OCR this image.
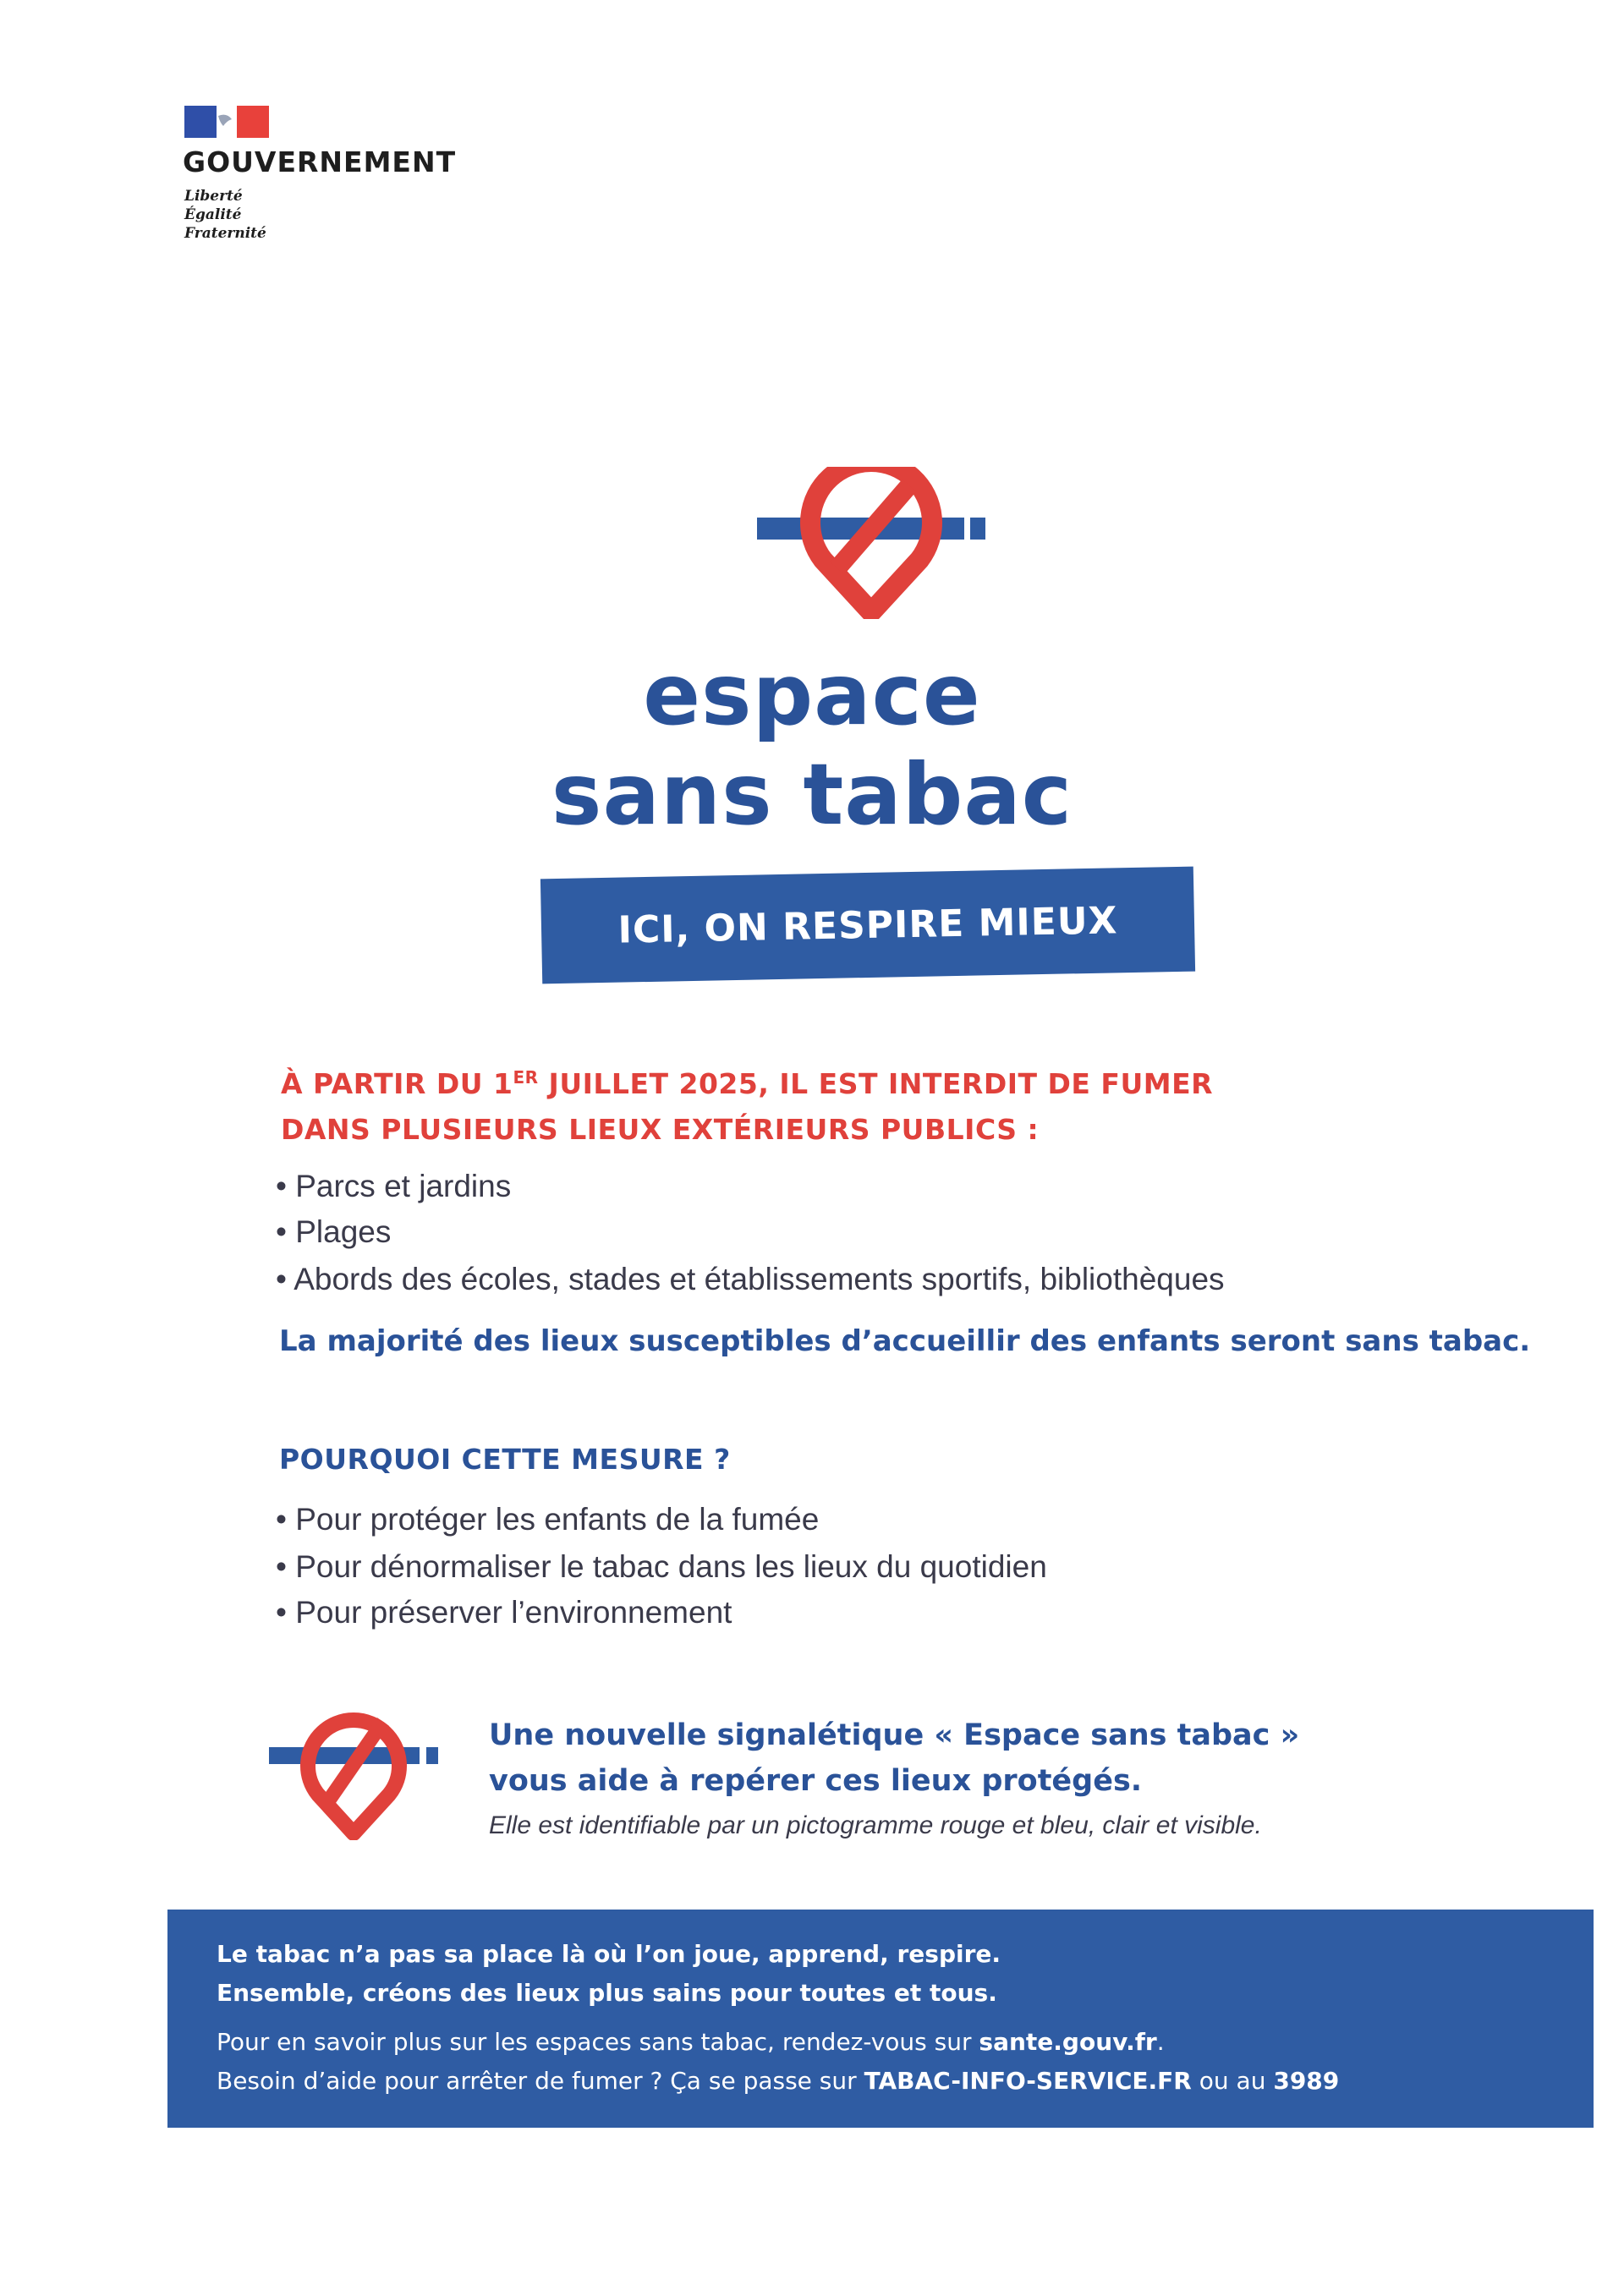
GOUVERNEMENT
Liberté
Égalité
Fraternité
espace
sans tabac
ICI, ON RESPIRE MIEUX
À PARTIR DU 1ER JUILLET 2025, IL EST INTERDIT DE FUMER
DANS PLUSIEURS LIEUX EXTÉRIEURS PUBLICS :
• Parcs et jardins
• Plages
• Abords des écoles, stades et établissements sportifs, bibliothèques
La majorité des lieux susceptibles d’accueillir des enfants seront sans tabac.
POURQUOI CETTE MESURE ?
• Pour protéger les enfants de la fumée
• Pour dénormaliser le tabac dans les lieux du quotidien
• Pour préserver l’environnement
Une nouvelle signalétique « Espace sans tabac »
vous aide à repérer ces lieux protégés.
Elle est identifiable par un pictogramme rouge et bleu, clair et visible.
Le tabac n’a pas sa place là où l’on joue, apprend, respire.
Ensemble, créons des lieux plus sains pour toutes et tous.
Pour en savoir plus sur les espaces sans tabac, rendez-vous sur sante.gouv.fr.
Besoin d’aide pour arrêter de fumer ? Ça se passe sur TABAC-INFO-SERVICE.FR ou au 3989
